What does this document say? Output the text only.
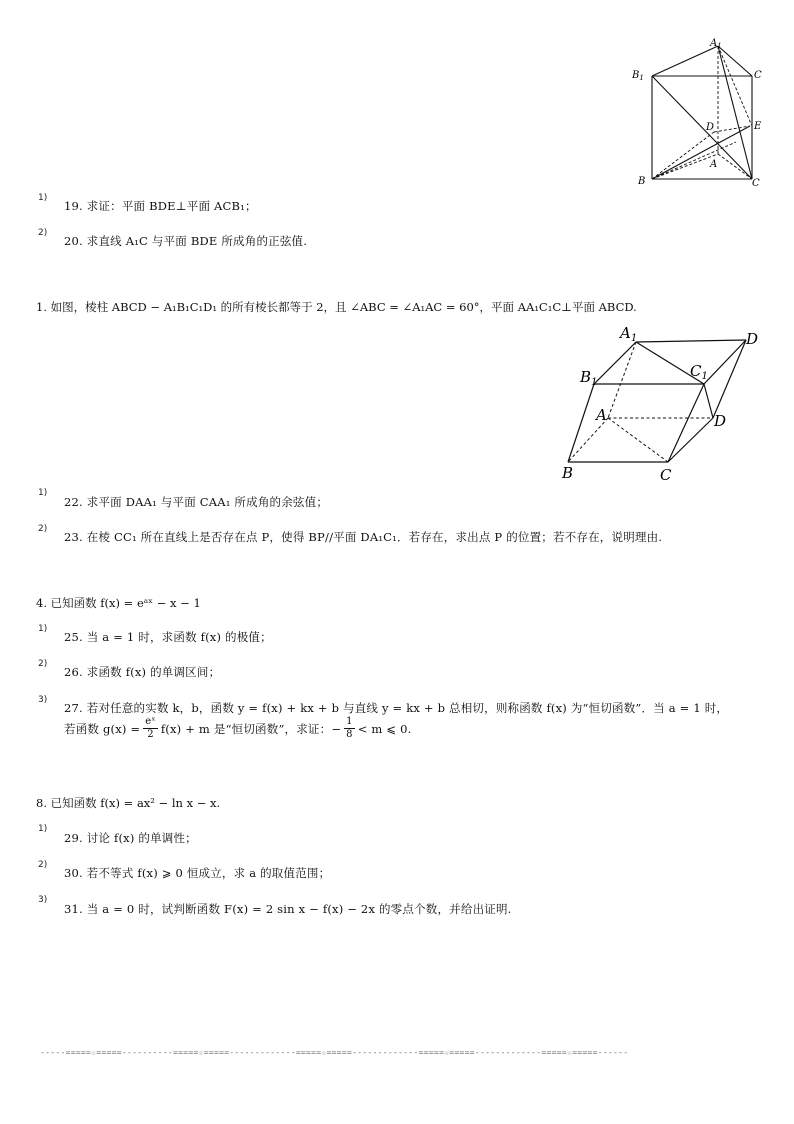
$A_1$
$B_1$	C
D	E
A
B	C
1)
19. 求证：平面 BDE⊥平面 ACB₁；
2)
20. 求直线 A₁C 与平面 BDE 所成角的正弦值.
1. 如图，棱柱 ABCD − A₁B₁C₁D₁ 的所有棱长都等于 2，且 ∠ABC = ∠A₁AC = 60°，平面 AA₁C₁C⊥平面 ABCD.
$A_1$	D
$B_1$
$C_1$
A	D
B	C
1)
22. 求平面 DAA₁ 与平面 CAA₁ 所成角的余弦值；
2)
23. 在棱 CC₁ 所在直线上是否存在点 P，使得 BP//平面 DA₁C₁．若存在，求出点 P 的位置；若不存在，说明理由.
4. 已知函数 f(x) = eᵃˣ − x − 1
1)
25. 当 a = 1 时，求函数 f(x) 的极值；
2)
26. 求函数 f(x) 的单调区间；
3)
27. 若对任意的实数 k，b，函数 y = f(x) + kx + b 与直线 y = kx + b 总相切，则称函数 f(x) 为“恒切函数”．当 a = 1 时，
若函数 $g(x) = \frac{\text{eˣ}}{2} f(x) + m$ 是“恒切函数”，求证：− $\frac{1}{8} < m$ ⩽ 0.
8. 已知函数 f(x) = ax² − ln x − x.
1)
29. 讨论 f(x) 的单调性；
2)
30. 若不等式 f(x) ⩾ 0 恒成立，求 a 的取值范围；
3)
31. 当 a = 0 时，试判断函数 F(x) = 2 sin x − f(x) − 2x 的零点个数，并给出证明.
-----=====☆=====----------=====☆=====-------------=====☆=====-------------=====☆=====-------------=====☆=====------
